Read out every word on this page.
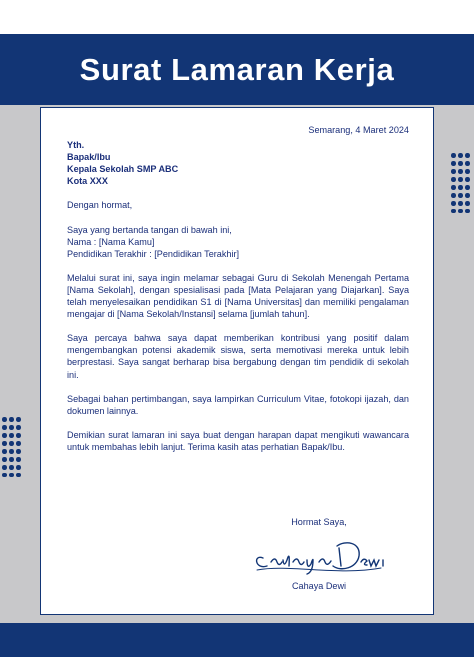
Surat Lamaran Kerja
Semarang, 4 Maret 2024
Yth.
Bapak/Ibu
Kepala Sekolah SMP ABC
Kota XXX

Dengan hormat,

Saya yang bertanda tangan di bawah ini,
Nama : [Nama Kamu]
Pendidikan Terakhir : [Pendidikan Terakhir]

Melalui surat ini, saya ingin melamar sebagai Guru di Sekolah Menengah Pertama [Nama Sekolah], dengan spesialisasi pada [Mata Pelajaran yang Diajarkan]. Saya telah menyelesaikan pendidikan S1 di [Nama Universitas] dan memiliki pengalaman mengajar di [Nama Sekolah/Instansi] selama [jumlah tahun].

Saya percaya bahwa saya dapat memberikan kontribusi yang positif dalam mengembangkan potensi akademik siswa, serta memotivasi mereka untuk lebih berprestasi. Saya sangat berharap bisa bergabung dengan tim pendidik di sekolah ini.

Sebagai bahan pertimbangan, saya lampirkan Curriculum Vitae, fotokopi ijazah, dan dokumen lainnya.

Demikian surat lamaran ini saya buat dengan harapan dapat mengikuti wawancara untuk membahas lebih lanjut. Terima kasih atas perhatian Bapak/Ibu.

Hormat Saya,
Cahaya Dewi
